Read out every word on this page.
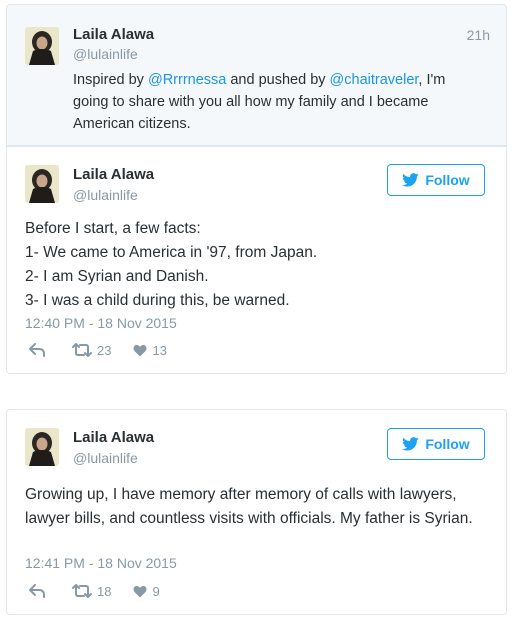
Laila Alawa
@lulainlife
21h
Inspired by @Rrrrnessa and pushed by @chaitraveler, I'm going to share with you all how my family and I became American citizens.
Laila Alawa
@lulainlife
Follow
Before I start, a few facts:
1- We came to America in '97, from Japan.
2- I am Syrian and Danish.
3- I was a child during this, be warned.
12:40 PM - 18 Nov 2015
23	13
Laila Alawa
@lulainlife
Follow
Growing up, I have memory after memory of calls with lawyers, lawyer bills, and countless visits with officials. My father is Syrian.
12:41 PM - 18 Nov 2015
18	9
